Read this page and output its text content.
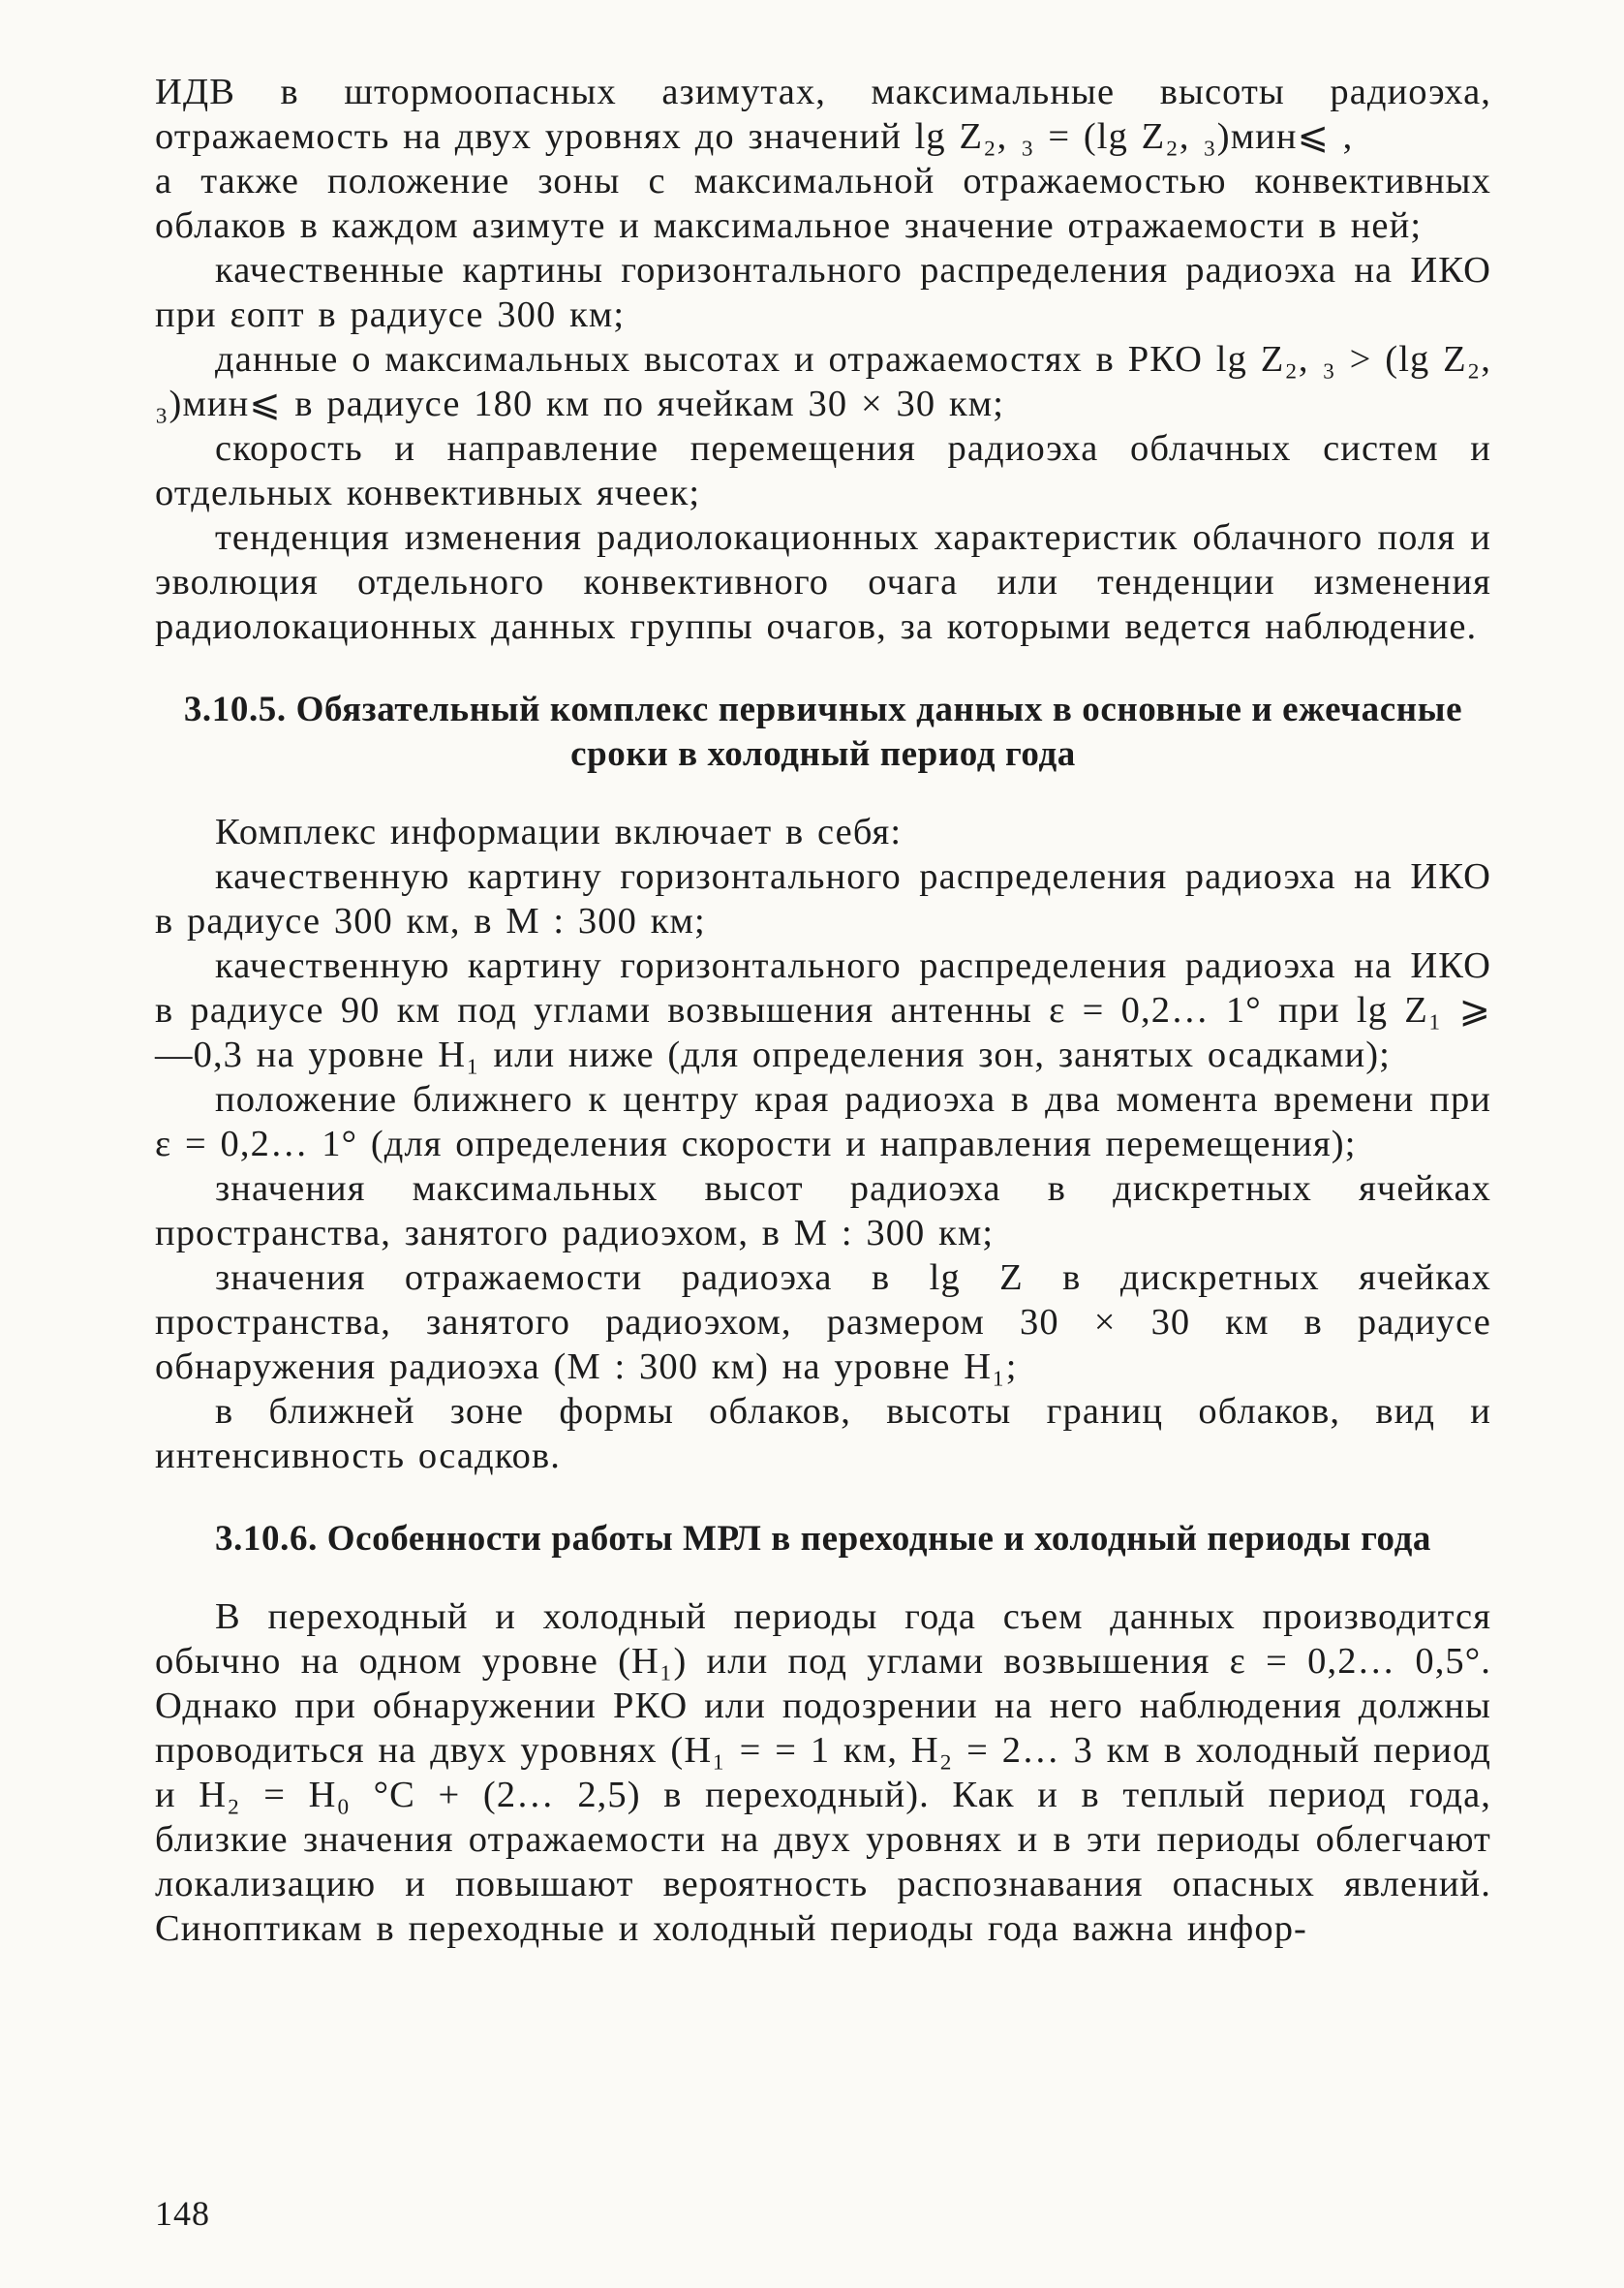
ИДВ в штормоопасных азимутах, максимальные высоты радиоэха, отражаемость на двух уровнях до значений lg Z₂, ₃ = (lg Z₂, ₃)мин⩽ ,

а также положение зоны с максимальной отражаемостью конвективных облаков в каждом азимуте и максимальное значение отражаемости в ней;

качественные картины горизонтального распределения радиоэха на ИКО при εопт в радиусе 300 км;

данные о максимальных высотах и отражаемостях в РКО lg Z₂, ₃ > (lg Z₂, ₃)мин⩽ в радиусе 180 км по ячейкам 30 × 30 км;

скорость и направление перемещения радиоэха облачных систем и отдельных конвективных ячеек;

тенденция изменения радиолокационных характеристик облачного поля и эволюция отдельного конвективного очага или тенденции изменения радиолокационных данных группы очагов, за которыми ведется наблюдение.

3.10.5. Обязательный комплекс первичных данных в основные и ежечасные сроки в холодный период года

Комплекс информации включает в себя:

качественную картину горизонтального распределения радиоэха на ИКО в радиусе 300 км, в М : 300 км;

качественную картину горизонтального распределения радиоэха на ИКО в радиусе 90 км под углами возвышения антенны ε = 0,2… 1° при lg Z₁ ⩾ —0,3 на уровне H₁ или ниже (для определения зон, занятых осадками);

положение ближнего к центру края радиоэха в два момента времени при ε = 0,2… 1° (для определения скорости и направления перемещения);

значения максимальных высот радиоэха в дискретных ячейках пространства, занятого радиоэхом, в М : 300 км;

значения отражаемости радиоэха в lg Z в дискретных ячейках пространства, занятого радиоэхом, размером 30 × 30 км в радиусе обнаружения радиоэха (М : 300 км) на уровне H₁;

в ближней зоне формы облаков, высоты границ облаков, вид и интенсивность осадков.

3.10.6. Особенности работы МРЛ в переходные и холодный периоды года

В переходный и холодный периоды года съем данных производится обычно на одном уровне (H₁) или под углами возвышения ε = 0,2… 0,5°. Однако при обнаружении РКО или подозрении на него наблюдения должны проводиться на двух уровнях (H₁ = = 1 км, H₂ = 2… 3 км в холодный период и H₂ = H₀ °C + (2… 2,5) в переходный). Как и в теплый период года, близкие значения отражаемости на двух уровнях и в эти периоды облегчают локализацию и повышают вероятность распознавания опасных явлений. Синоптикам в переходные и холодный периоды года важна инфор-

148
